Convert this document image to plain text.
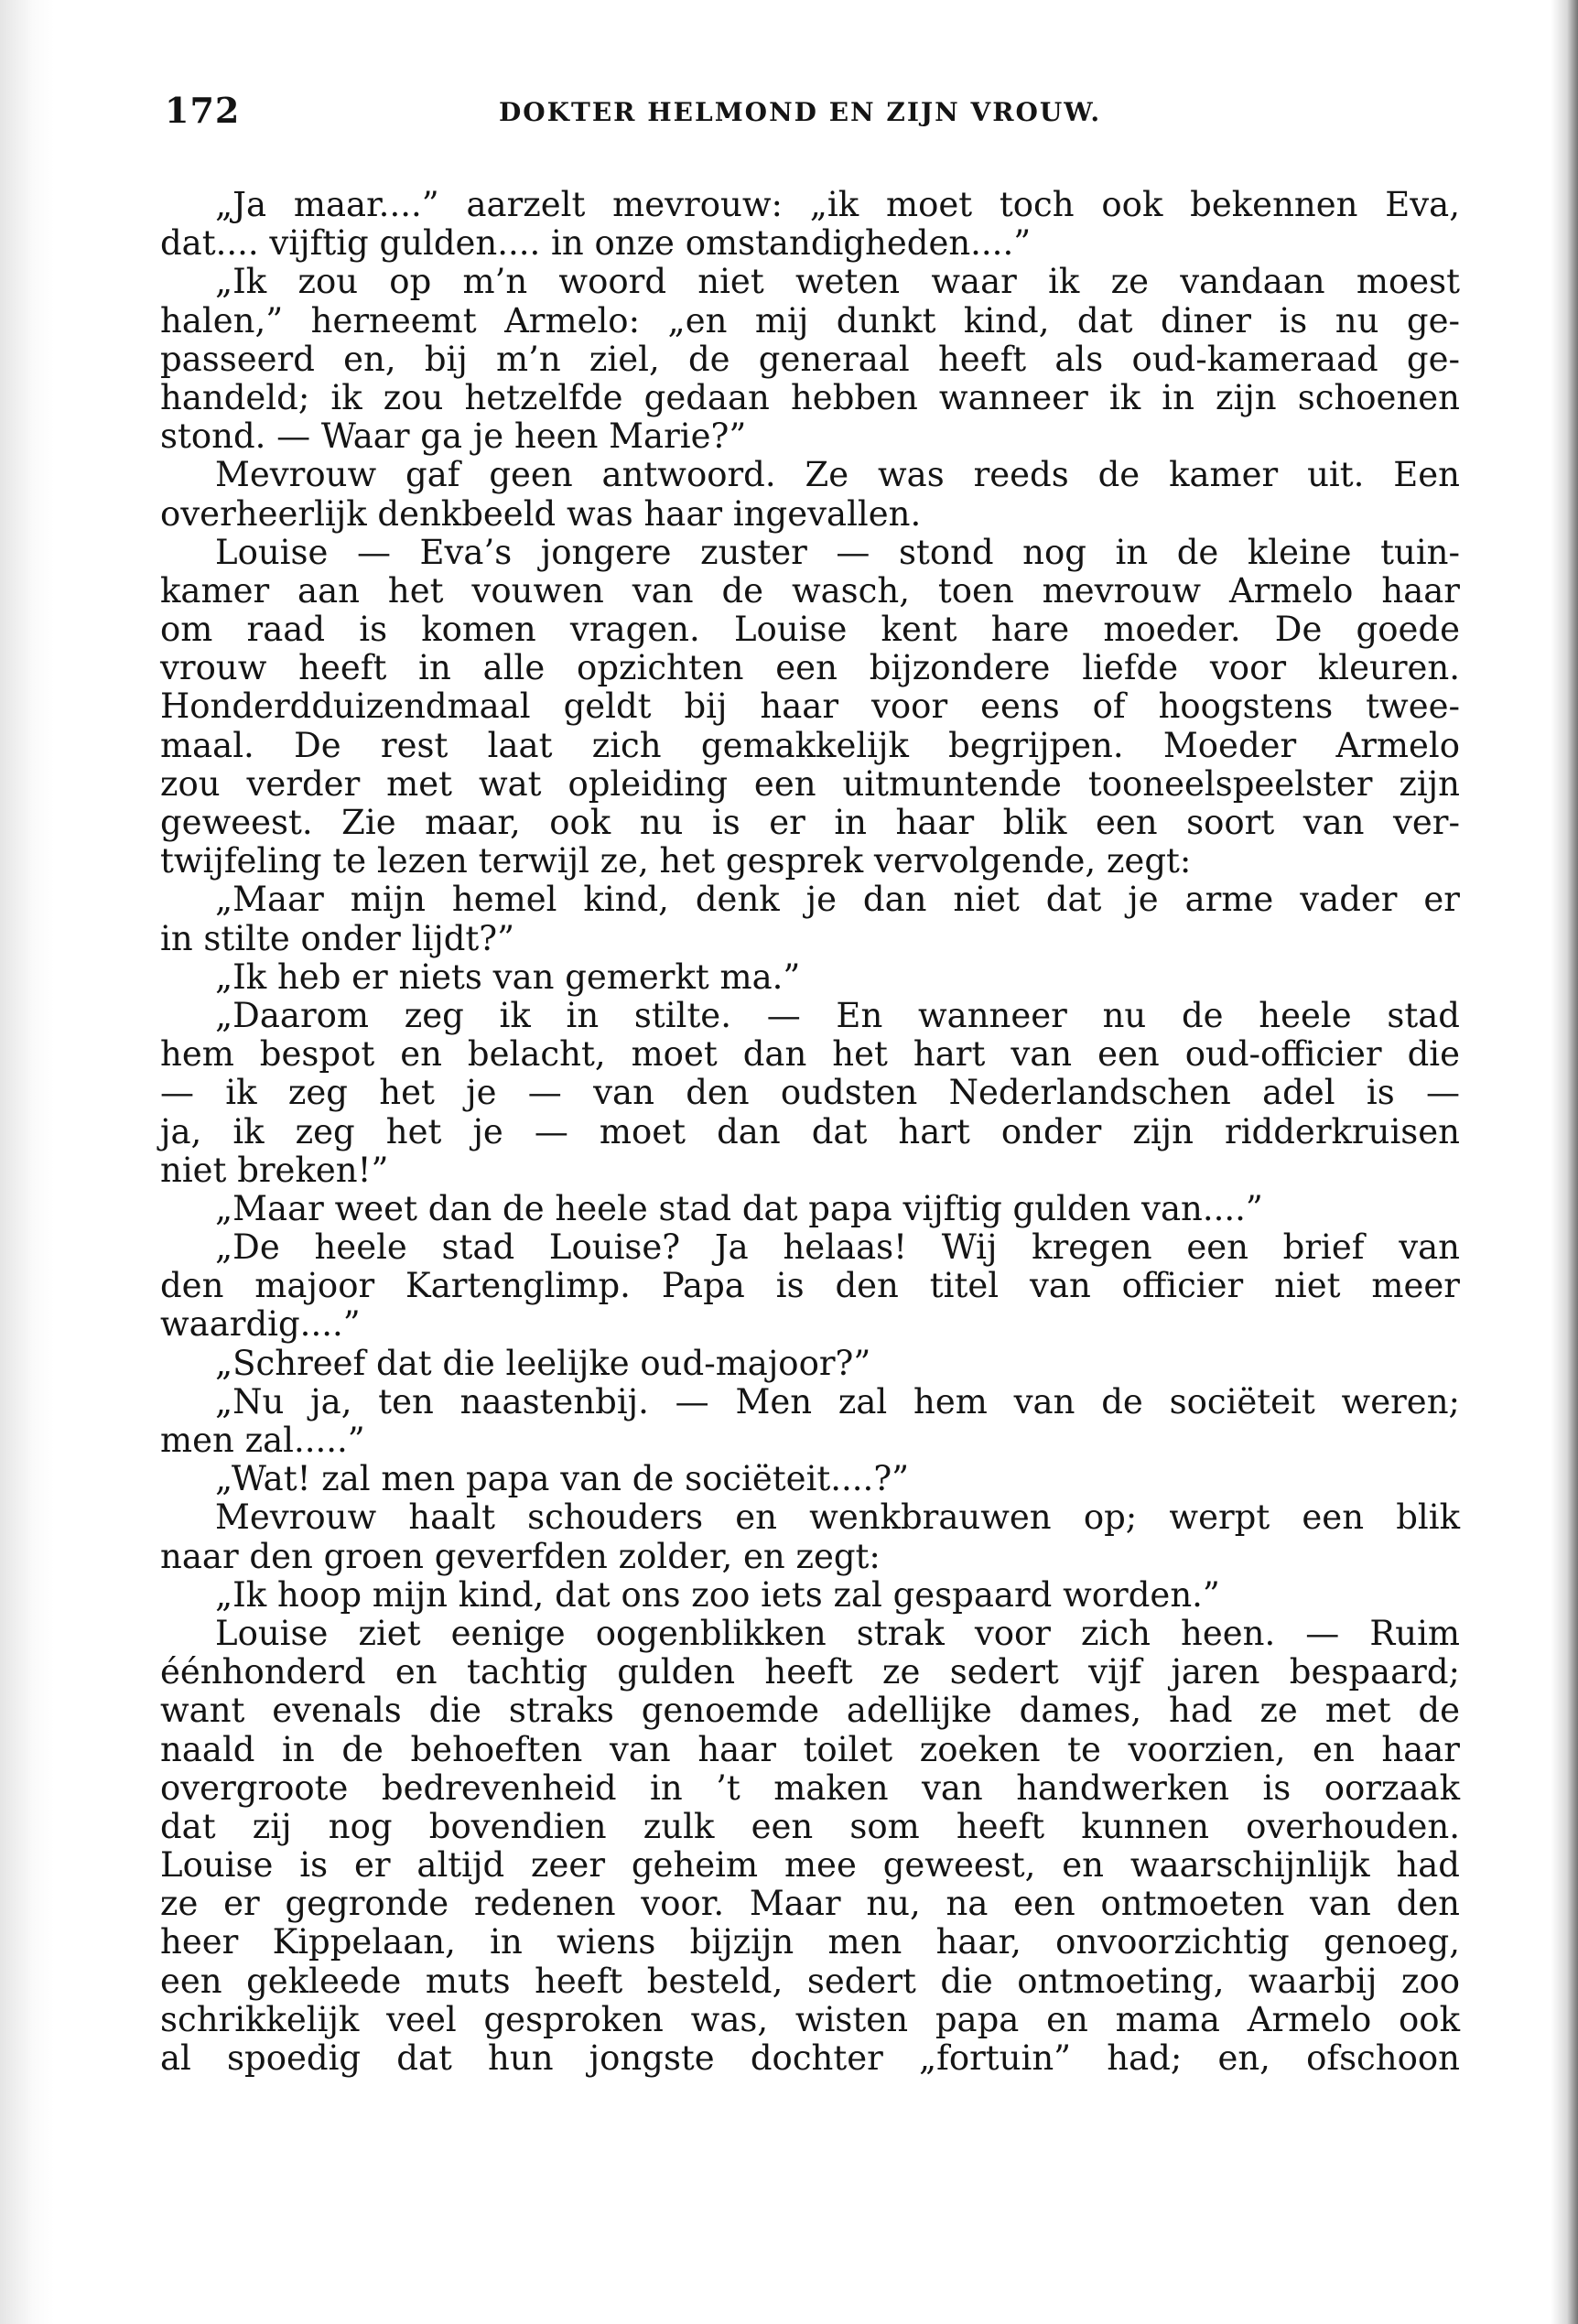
172	DOKTER HELMOND EN ZIJN VROUW.
„Ja maar....” aarzelt mevrouw: „ik moet toch ook bekennen Eva,
dat.... vijftig gulden.... in onze omstandigheden....”
„Ik zou op m’n woord niet weten waar ik ze vandaan moest
halen,” herneemt Armelo: „en mij dunkt kind, dat diner is nu ge-
passeerd en, bij m’n ziel, de generaal heeft als oud-kameraad ge-
handeld; ik zou hetzelfde gedaan hebben wanneer ik in zijn schoenen
stond. — Waar ga je heen Marie?”
Mevrouw gaf geen antwoord. Ze was reeds de kamer uit. Een
overheerlijk denkbeeld was haar ingevallen.
Louise — Eva’s jongere zuster — stond nog in de kleine tuin-
kamer aan het vouwen van de wasch, toen mevrouw Armelo haar
om raad is komen vragen. Louise kent hare moeder. De goede
vrouw heeft in alle opzichten een bijzondere liefde voor kleuren.
Honderdduizendmaal geldt bij haar voor eens of hoogstens twee-
maal. De rest laat zich gemakkelijk begrijpen. Moeder Armelo
zou verder met wat opleiding een uitmuntende tooneelspeelster zijn
geweest. Zie maar, ook nu is er in haar blik een soort van ver-
twijfeling te lezen terwijl ze, het gesprek vervolgende, zegt:
„Maar mijn hemel kind, denk je dan niet dat je arme vader er
in stilte onder lijdt?”
„Ik heb er niets van gemerkt ma.”
„Daarom zeg ik in stilte. — En wanneer nu de heele stad
hem bespot en belacht, moet dan het hart van een oud-officier die
— ik zeg het je — van den oudsten Nederlandschen adel is —
ja, ik zeg het je — moet dan dat hart onder zijn ridderkruisen
niet breken!”
„Maar weet dan de heele stad dat papa vijftig gulden van....”
„De heele stad Louise? Ja helaas! Wij kregen een brief van
den majoor Kartenglimp. Papa is den titel van officier niet meer
waardig....”
„Schreef dat die leelijke oud-majoor?”
„Nu ja, ten naastenbij. — Men zal hem van de sociëteit weren;
men zal.....”
„Wat! zal men papa van de sociëteit....?”
Mevrouw haalt schouders en wenkbrauwen op; werpt een blik
naar den groen geverfden zolder, en zegt:
„Ik hoop mijn kind, dat ons zoo iets zal gespaard worden.”
Louise ziet eenige oogenblikken strak voor zich heen. — Ruim
éénhonderd en tachtig gulden heeft ze sedert vijf jaren bespaard;
want evenals die straks genoemde adellijke dames, had ze met de
naald in de behoeften van haar toilet zoeken te voorzien, en haar
overgroote bedrevenheid in ’t maken van handwerken is oorzaak
dat zij nog bovendien zulk een som heeft kunnen overhouden.
Louise is er altijd zeer geheim mee geweest, en waarschijnlijk had
ze er gegronde redenen voor. Maar nu, na een ontmoeten van den
heer Kippelaan, in wiens bijzijn men haar, onvoorzichtig genoeg,
een gekleede muts heeft besteld, sedert die ontmoeting, waarbij zoo
schrikkelijk veel gesproken was, wisten papa en mama Armelo ook
al spoedig dat hun jongste dochter „fortuin” had; en, ofschoon
